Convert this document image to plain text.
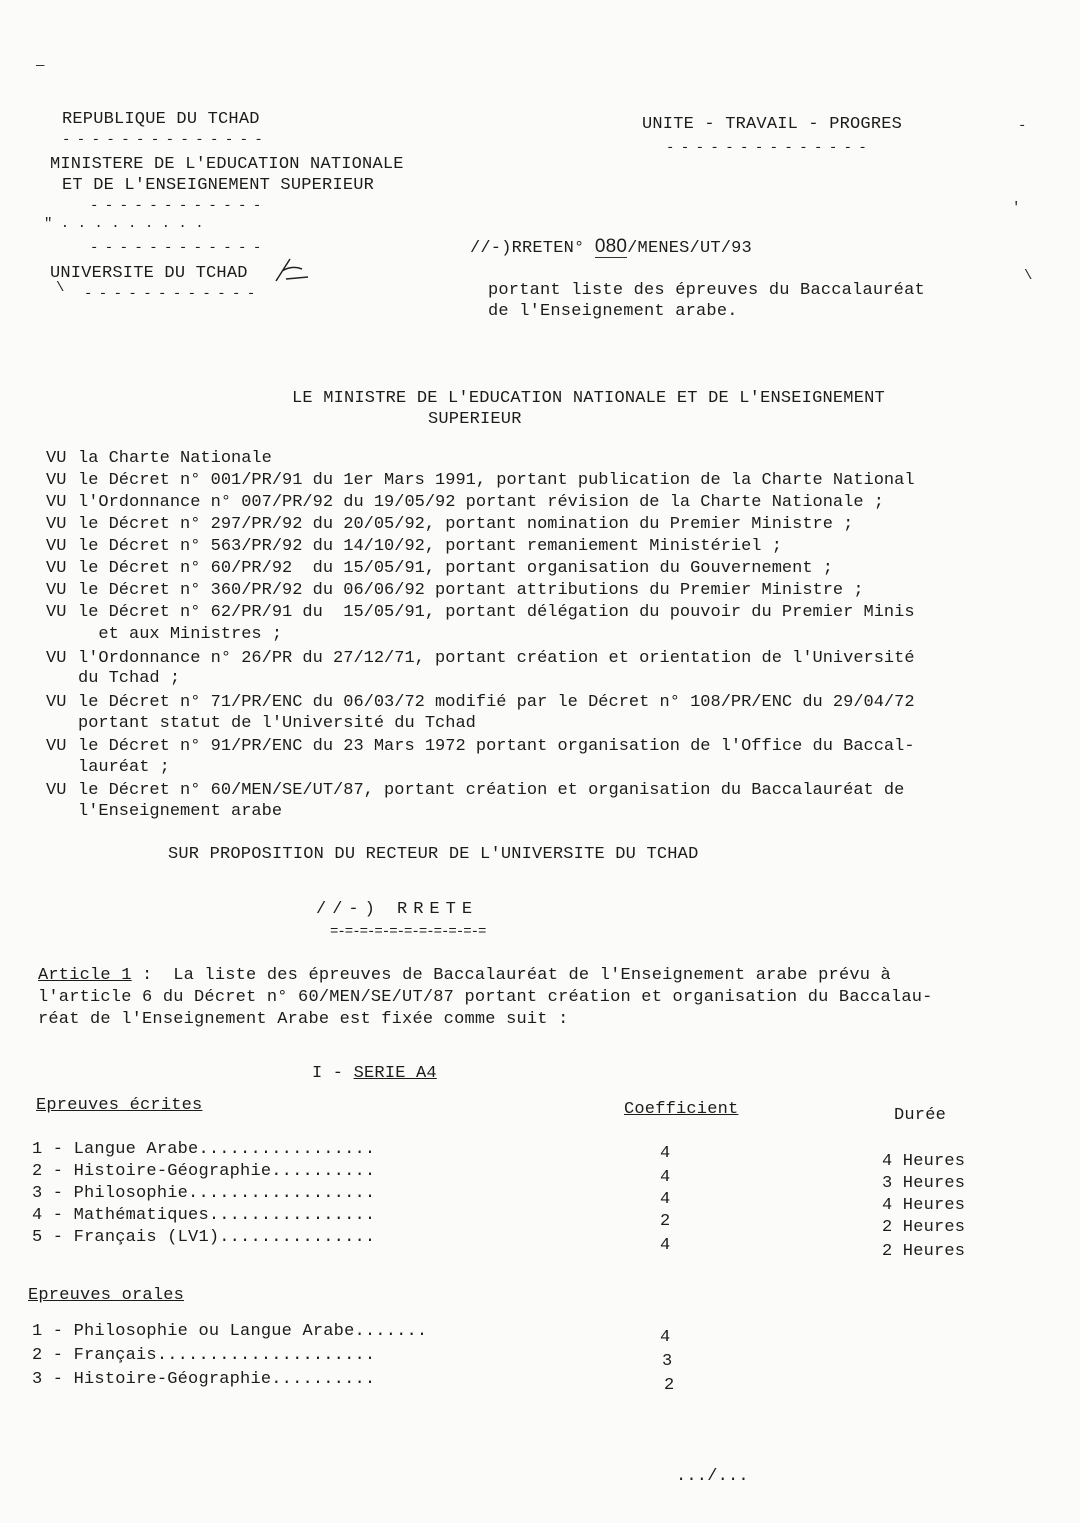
REPUBLIQUE DU TCHAD
- - - - - - - - - - - - - -
MINISTERE DE L'EDUCATION NATIONALE
ET DE L'ENSEIGNEMENT SUPERIEUR
- - - - - - - - - - - -
" . . . . . . . . .
- - - - - - - - - - - -
UNIVERSITE DU TCHAD
- - - - - - - - - - - -
UNITE - TRAVAIL - PROGRES
- - - - - - - - - - - - - -
//-)RRETEN° 080/MENES/UT/93
portant liste des épreuves du Baccalauréat
de l'Enseignement arabe.
LE MINISTRE DE L'EDUCATION NATIONALE ET DE L'ENSEIGNEMENT
SUPERIEUR
VU la Charte Nationale
VU le Décret n° 001/PR/91 du 1er Mars 1991, portant publication de la Charte National
VU l'Ordonnance n° 007/PR/92 du 19/05/92 portant révision de la Charte Nationale ;
VU le Décret n° 297/PR/92 du 20/05/92, portant nomination du Premier Ministre ;
VU le Décret n° 563/PR/92 du 14/10/92, portant remaniement Ministériel ;
VU le Décret n° 60/PR/92  du 15/05/91, portant organisation du Gouvernement ;
VU le Décret n° 360/PR/92 du 06/06/92 portant attributions du Premier Ministre ;
VU le Décret n° 62/PR/91 du  15/05/91, portant délégation du pouvoir du Premier Minis
et aux Ministres ;
VU l'Ordonnance n° 26/PR du 27/12/71, portant création et orientation de l'Université
du Tchad ;
VU le Décret n° 71/PR/ENC du 06/03/72 modifié par le Décret n° 108/PR/ENC du 29/04/72
portant statut de l'Université du Tchad
VU le Décret n° 91/PR/ENC du 23 Mars 1972 portant organisation de l'Office du Baccal-
lauréat ;
VU le Décret n° 60/MEN/SE/UT/87, portant création et organisation du Baccalauréat de
l'Enseignement arabe
SUR PROPOSITION DU RECTEUR DE L'UNIVERSITE DU TCHAD
//-) RRETE
=-=-=-=-=-=-=-=-=-=-=
Article 1 :  La liste des épreuves de Baccalauréat de l'Enseignement arabe prévu à
l'article 6 du Décret n° 60/MEN/SE/UT/87 portant création et organisation du Baccalau-
réat de l'Enseignement Arabe est fixée comme suit :
I - SERIE A4
Epreuves écrites	Coefficient	Durée
1 - Langue Arabe.................	4	4 Heures
2 - Histoire-Géographie..........	4	3 Heures
3 - Philosophie..................	4	4 Heures
4 - Mathématiques................	2	2 Heures
5 - Français (LV1)...............	4	2 Heures
Epreuves orales
1 - Philosophie ou Langue Arabe.......	4
2 - Français.....................	3
3 - Histoire-Géographie..........	2
.../...
—
-
\
'
\
